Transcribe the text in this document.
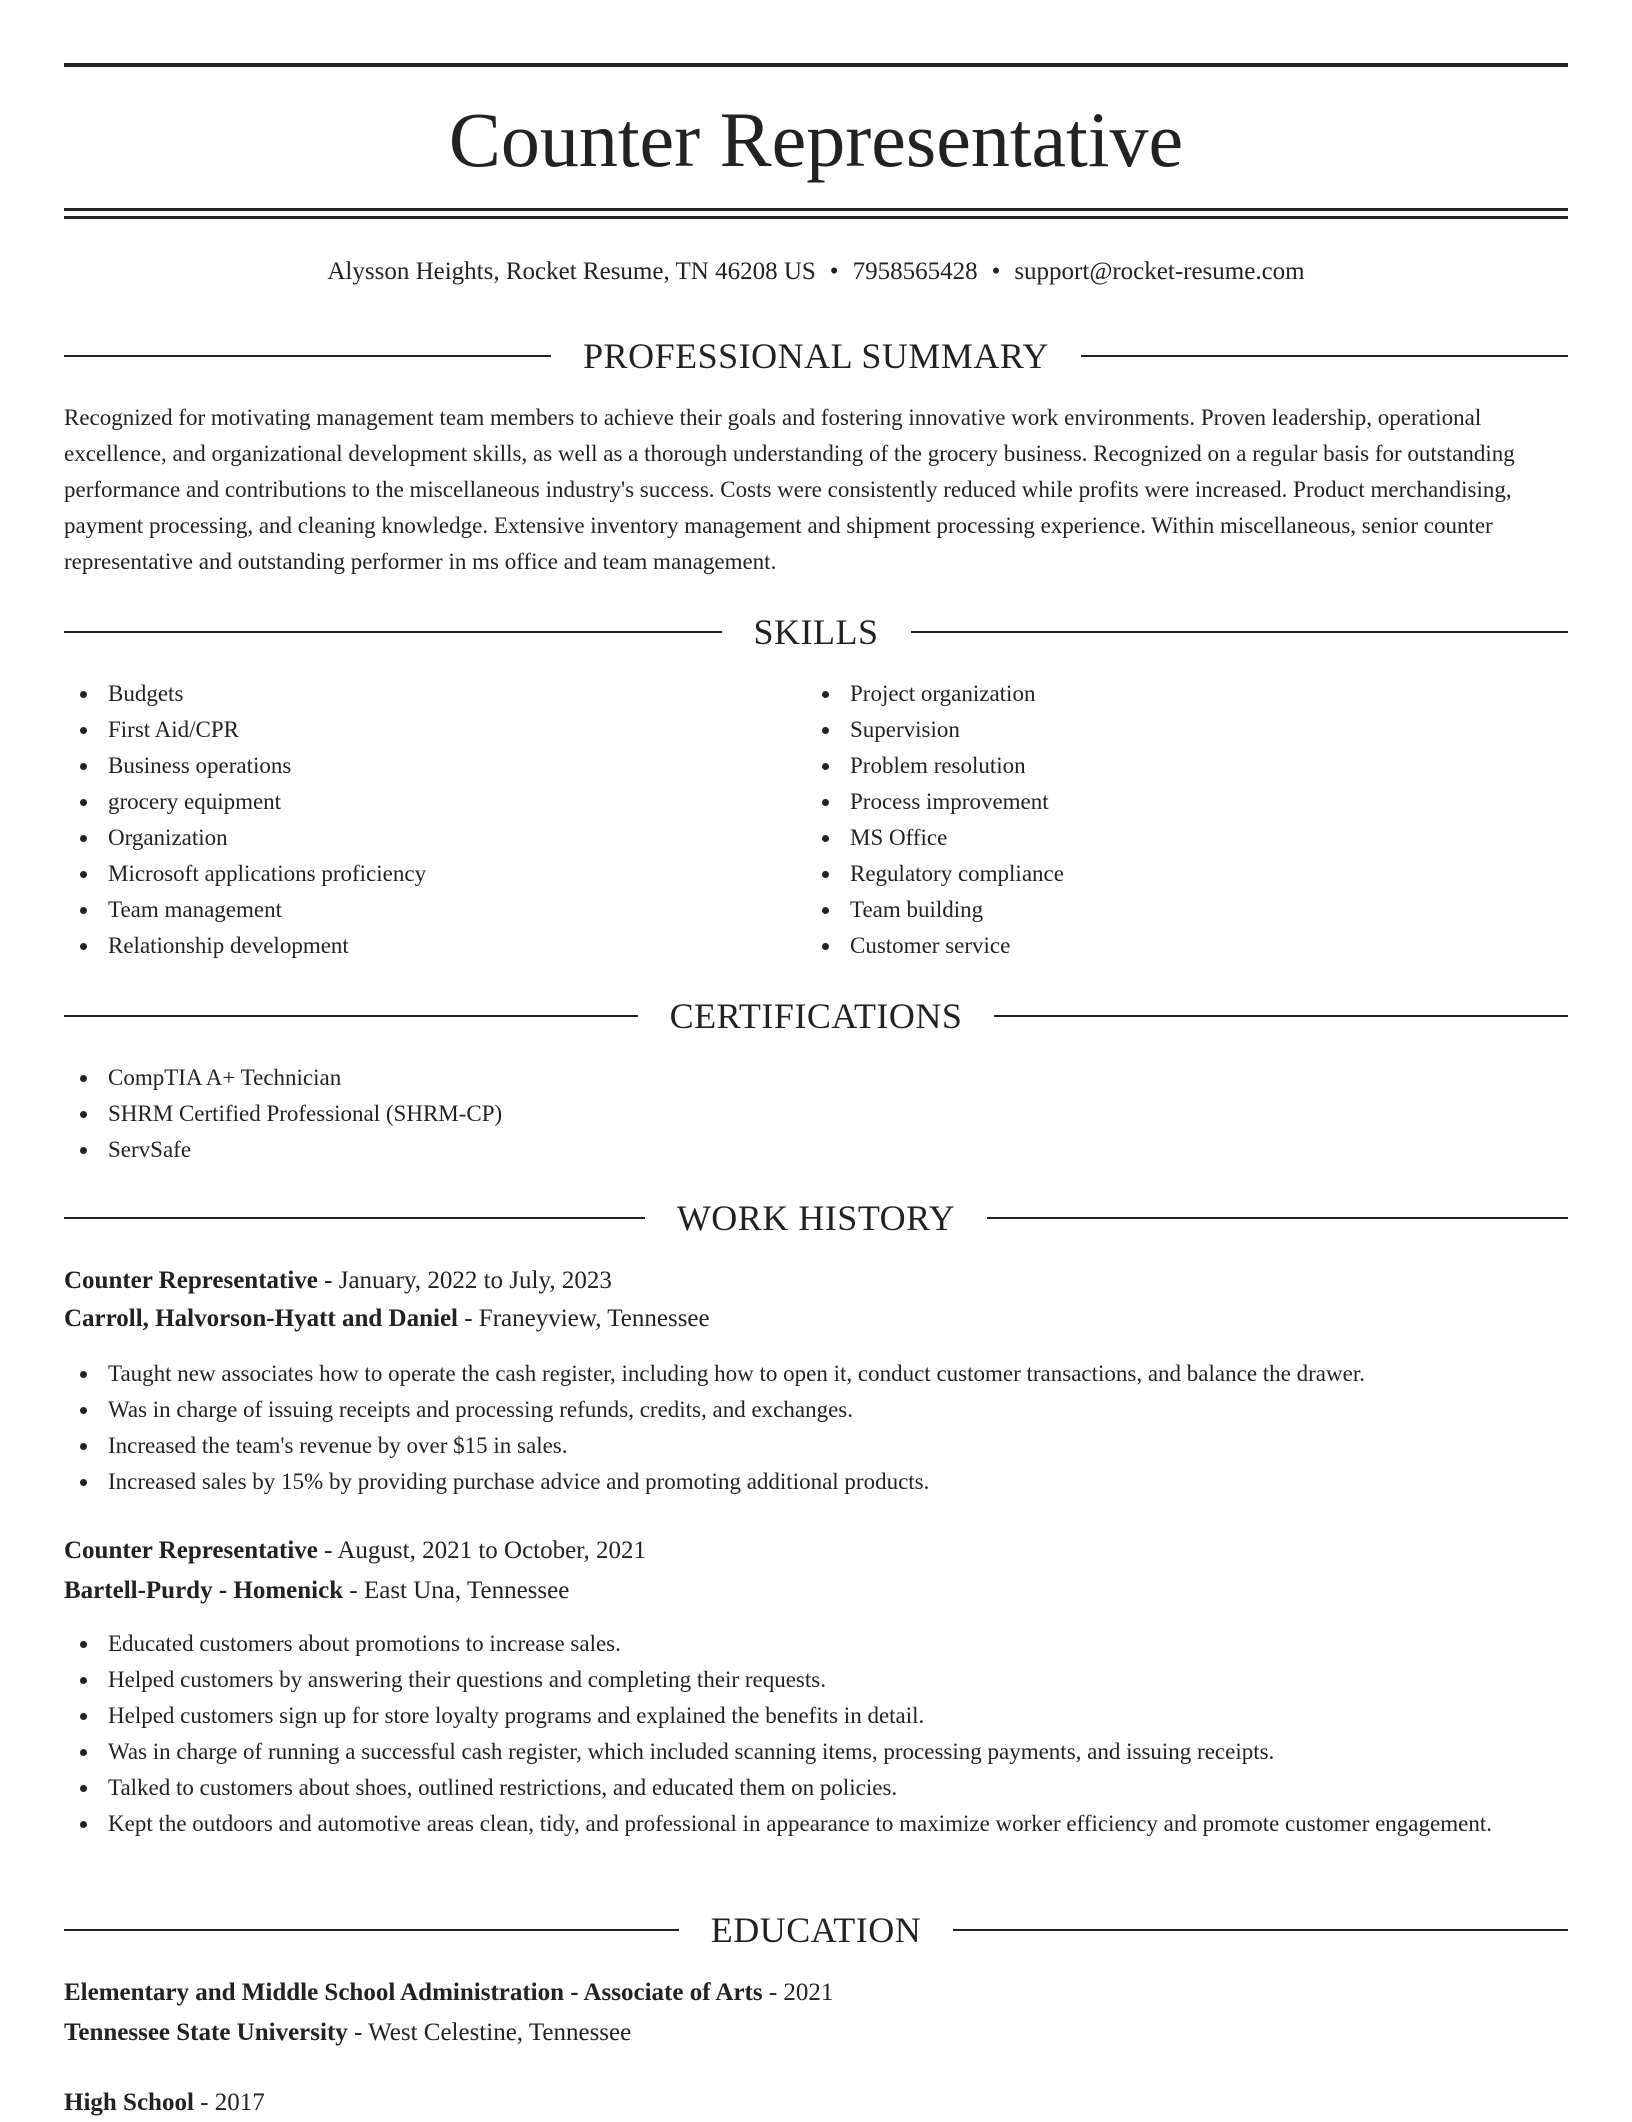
Counter Representative
Alysson Heights, Rocket Resume, TN 46208 US • 7958565428 • support@rocket-resume.com
PROFESSIONAL SUMMARY

Recognized for motivating management team members to achieve their goals and fostering innovative work environments. Proven leadership, operational excellence, and organizational development skills, as well as a thorough understanding of the grocery business. Recognized on a regular basis for outstanding performance and contributions to the miscellaneous industry's success. Costs were consistently reduced while profits were increased. Product merchandising, payment processing, and cleaning knowledge. Extensive inventory management and shipment processing experience. Within miscellaneous, senior counter representative and outstanding performer in ms office and team management.

SKILLS
Budgets
First Aid/CPR
Business operations
grocery equipment
Organization
Microsoft applications proficiency
Team management
Relationship development
Project organization
Supervision
Problem resolution
Process improvement
MS Office
Regulatory compliance
Team building
Customer service
CERTIFICATIONS
CompTIA A+ Technician
SHRM Certified Professional (SHRM-CP)
ServSafe
WORK HISTORY
Counter Representative - January, 2022 to July, 2023
Carroll, Halvorson-Hyatt and Daniel - Franeyview, Tennessee
Taught new associates how to operate the cash register, including how to open it, conduct customer transactions, and balance the drawer.
Was in charge of issuing receipts and processing refunds, credits, and exchanges.
Increased the team's revenue by over $15 in sales.
Increased sales by 15% by providing purchase advice and promoting additional products.
Counter Representative - August, 2021 to October, 2021
Bartell-Purdy - Homenick - East Una, Tennessee
Educated customers about promotions to increase sales.
Helped customers by answering their questions and completing their requests.
Helped customers sign up for store loyalty programs and explained the benefits in detail.
Was in charge of running a successful cash register, which included scanning items, processing payments, and issuing receipts.
Talked to customers about shoes, outlined restrictions, and educated them on policies.
Kept the outdoors and automotive areas clean, tidy, and professional in appearance to maximize worker efficiency and promote customer engagement.
EDUCATION
Elementary and Middle School Administration - Associate of Arts - 2021
Tennessee State University - West Celestine, Tennessee
High School - 2017
